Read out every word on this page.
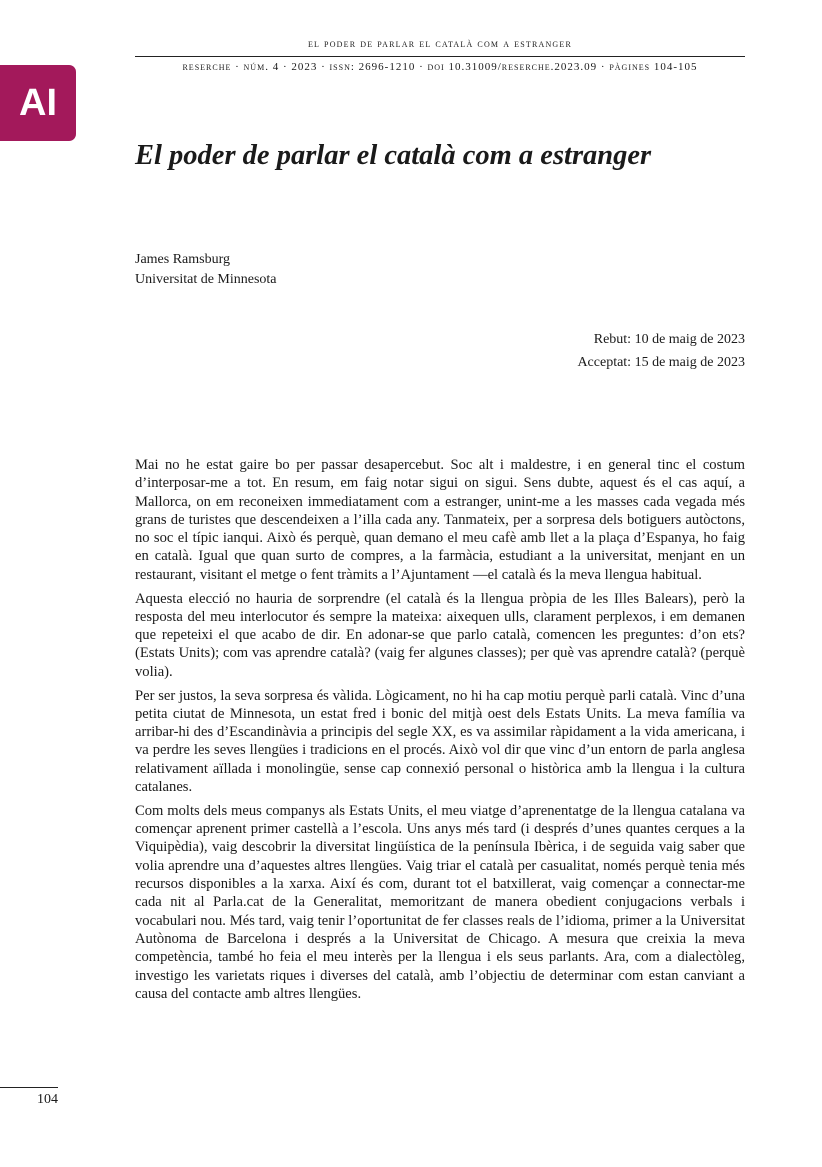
el poder de parlar el català com a estranger
reserche · núm. 4 · 2023 · issn: 2696-1210 · doi 10.31009/reserche.2023.09 · pàgines 104-105
AI
El poder de parlar el català com a estranger
James Ramsburg
Universitat de Minnesota
Rebut: 10 de maig de 2023
Acceptat: 15 de maig de 2023

Mai no he estat gaire bo per passar desapercebut. Soc alt i maldestre, i en general tinc el costum d’interposar-me a tot. En resum, em faig notar sigui on sigui. Sens dubte, aquest és el cas aquí, a Mallorca, on em reconeixen immediatament com a estranger, unint-me a les masses cada vegada més grans de turistes que descendeixen a l’illa cada any. Tanmateix, per a sorpresa dels botiguers autòctons, no soc el típic ianqui. Això és perquè, quan demano el meu cafè amb llet a la plaça d’Espanya, ho faig en català. Igual que quan surto de compres, a la farmàcia, estudiant a la universitat, menjant en un restaurant, visitant el metge o fent tràmits a l’Ajuntament —el català és la meva llengua habitual.

Aquesta elecció no hauria de sorprendre (el català és la llengua pròpia de les Illes Balears), però la resposta del meu interlocutor és sempre la mateixa: aixequen ulls, clarament perplexos, i em demanen que repeteixi el que acabo de dir. En adonar-se que parlo català, comencen les preguntes: d’on ets? (Estats Units); com vas aprendre català? (vaig fer algunes classes); per què vas aprendre català? (perquè volia).

Per ser justos, la seva sorpresa és vàlida. Lògicament, no hi ha cap motiu perquè parli català. Vinc d’una petita ciutat de Minnesota, un estat fred i bonic del mitjà oest dels Estats Units. La meva família va arribar-hi des d’Escandinàvia a principis del segle XX, es va assimilar ràpidament a la vida americana, i va perdre les seves llengües i tradicions en el procés. Això vol dir que vinc d’un entorn de parla anglesa relativament aïllada i monolingüe, sense cap connexió personal o històrica amb la llengua i la cultura catalanes.

Com molts dels meus companys als Estats Units, el meu viatge d’aprenentatge de la llengua catalana va començar aprenent primer castellà a l’escola. Uns anys més tard (i després d’unes quantes cerques a la Viquipèdia), vaig descobrir la diversitat lingüística de la península Ibèrica, i de seguida vaig saber que volia aprendre una d’aquestes altres llengües. Vaig triar el català per casualitat, només perquè tenia més recursos disponibles a la xarxa. Així és com, durant tot el batxillerat, vaig començar a connectar-me cada nit al Parla.cat de la Generalitat, memoritzant de manera obedient conjugacions verbals i vocabulari nou. Més tard, vaig tenir l’oportunitat de fer classes reals de l’idioma, primer a la Universitat Autònoma de Barcelona i després a la Universitat de Chicago. A mesura que creixia la meva competència, també ho feia el meu interès per la llengua i els seus parlants. Ara, com a dialectòleg, investigo les varietats riques i diverses del català, amb l’objectiu de determinar com estan canviant a causa del contacte amb altres llengües.

104
